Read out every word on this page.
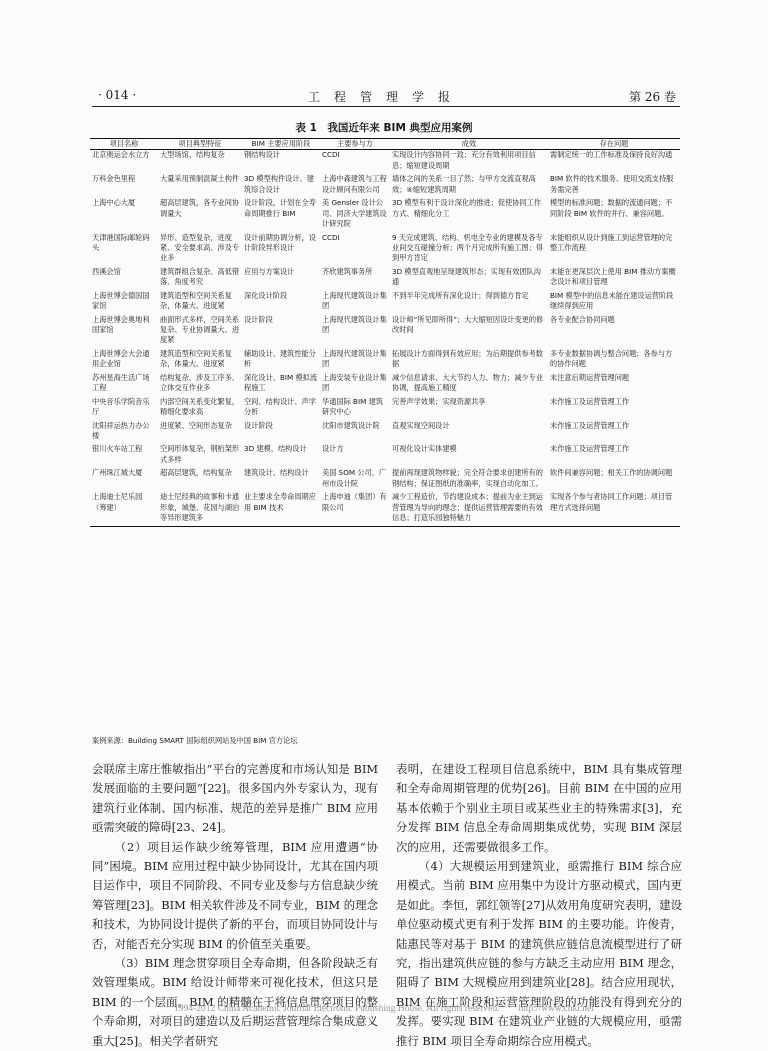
· 014 ·	工程管理学报	第 26 卷
表 1　我国近年来 BIM 典型应用案例
项目名称	项目典型特征	BIM 主要应用阶段	主要参与方	成效	存在问题
北京奥运会水立方	大型场馆、结构复杂	钢结构设计	CCDI	实现设计内容协同一致；充分有效利用项目信息；缩短建设周期	需制定统一的工作标准及保持良好沟通
万科金色里程	大量采用预制混凝土构件	3D 模型构件设计、建筑综合设计	上海中森建筑与工程设计顾问有限公司	墙体之间的关系一目了然；与甲方交流直观高效；④缩短建筑周期	BIM 软件的技术服务、使用交流支持服务需完善
上海中心大厦	超高层建筑，各专业间协调量大	设计阶段，计划在全寿命周期推行 BIM	美 Gensler 设计公司、同济大学建筑设计研究院	3D 模型有利于设计深化的推进；促使协同工作方式、精细化分工	模型的标准问题；数据的流通问题；不同阶段 BIM 软件的并行、兼容问题。
天津港国际邮轮码头	异形、造型复杂，进度紧、安全要求高、涉及专业多	设计前期协调分析，设计阶段异形设计	CCDI	9 天完成建筑、结构、机电全专业的建模及各专业间交互碰撞分析；两个月完成所有施工图；得到甲方肯定	未能组织从设计到施工到运营管理的完整工作流程
西溪会馆	建筑群组合复杂、高低错落、角度考究	应用与方案设计	齐欣建筑事务所	3D 模型直观地呈现建筑形态；实现有效团队沟通	未能在更深层次上使用 BIM 推动方案概念设计和项目管理
上海世博会德国国家馆	建筑造型和空间关系复杂，体量大、进度紧	深化设计阶段	上海现代建筑设计集团	不到半年完成所有深化设计；得到德方肯定	BIM 模型中的信息未能在建设运营阶段继续得到应用
上海世博会奥地利国家馆	曲面形式多样，空间关系复杂、专业协调量大、进度紧	设计阶段	上海现代建筑设计集团	设计师“所见即所得”；大大缩短因设计变更的修改时间	各专业配合协同问题
上海世博会大会通用企业馆	建筑造型和空间关系复杂，体量大、进度紧	辅助设计、建筑性能分析	上海现代建筑设计集团	拓展设计方面得到有效应用；为后期提供参考数据	多专业数据协调与整合问题；各参与方的协作问题
苏州星海生活广场工程	结构复杂、涉及工序多、立体交互作业多	深化设计、BIM 模拟流程施工	上海安装专业设计集团	减少信息请求、大大节约人力、物力；减少专业协调，提高施工精度	未注意后期运营管理问题
中央音乐学院音乐厅	内部空间关系变化繁复，精细化要求高	空间、结构设计、声学分析	华通国际 BIM 建筑研究中心	完善声学效果；实现资源共享	未作施工及运营管理工作
沈阳祥运热力办公楼	进度紧、空间形态复杂	设计阶段	沈阳市建筑设计院	直观实现空间设计	未作施工及运营管理工作
银川火车站工程	空间形体复杂，钢桁架形式多样	3D 建模、结构设计	设计方	可视化设计实体建模	未作施工及运营管理工作
广州珠江城大厦	超高层建筑，结构复杂	建筑设计、结构设计	美国 SOM 公司、广州市设计院	提前再现建筑物样貌；完全符合要求创建所有的钢结构；保证图纸的准确率，实现自动化加工。	软件间兼容问题；相关工作的协调问题
上海迪士尼乐园（筹建）	迪士尼经典的故事和卡通形象，城堡、花园与湖泊等异形建筑多	业主要求全寿命周期应用 BIM 技术	上海申迪（集团）有限公司	减少工程造价，节约建设成本；提前为业主到运营管理为导向的理念；提供运营管理需要的有效信息；打造乐园独特魅力	实现各个参与者协同工作问题；项目管理方式选择问题
案例来源：Building SMART 国际组织网站及中国 BIM 官方论坛

会联席主席庄惟敏指出“平台的完善度和市场认知是 BIM 发展面临的主要问题”[22]。很多国内外专家认为，现有建筑行业体制、国内标准、规范的差异是推广 BIM 应用亟需突破的障碍[23、24]。

（2）项目运作缺少统筹管理，BIM 应用遭遇“协同”困境。BIM 应用过程中缺少协同设计，尤其在国内项目运作中，项目不同阶段、不同专业及参与方信息缺少统筹管理[23]。BIM 相关软件涉及不同专业，BIM 的理念和技术，为协同设计提供了新的平台，而项目协同设计与否，对能否充分实现 BIM 的价值至关重要。

（3）BIM 理念贯穿项目全寿命期，但各阶段缺乏有效管理集成。BIM 给设计师带来可视化技术，但这只是 BIM 的一个层面。BIM 的精髓在于将信息贯穿项目的整个寿命期，对项目的建造以及后期运营管理综合集成意义重大[25]。相关学者研究

表明，在建设工程项目信息系统中，BIM 具有集成管理和全寿命周期管理的优势[26]。目前 BIM 在中国的应用基本依赖于个别业主项目或某些业主的特殊需求[3]，充分发挥 BIM 信息全寿命周期集成优势，实现 BIM 深层次的应用，还需要做很多工作。

（4）大规模运用到建筑业，亟需推行 BIM 综合应用模式。当前 BIM 应用集中为设计方驱动模式，国内更是如此。李恒，郭红领等[27]从效用角度研究表明，建设单位驱动模式更有利于发挥 BIM 的主要功能。许俊青，陆惠民等对基于 BIM 的建筑供应链信息流模型进行了研究，指出建筑供应链的参与方缺乏主动应用 BIM 理念，阻碍了 BIM 大规模应用到建筑业[28]。结合应用现状，BIM 在施工阶段和运营管理阶段的功能没有得到充分的发挥。要实现 BIM 在建筑业产业链的大规模应用，亟需推行 BIM 项目全寿命期综合应用模式。

1994-2012 China Academic Journal Electronic Publishing House. All rights reserved.　　http://www.cnki.net
